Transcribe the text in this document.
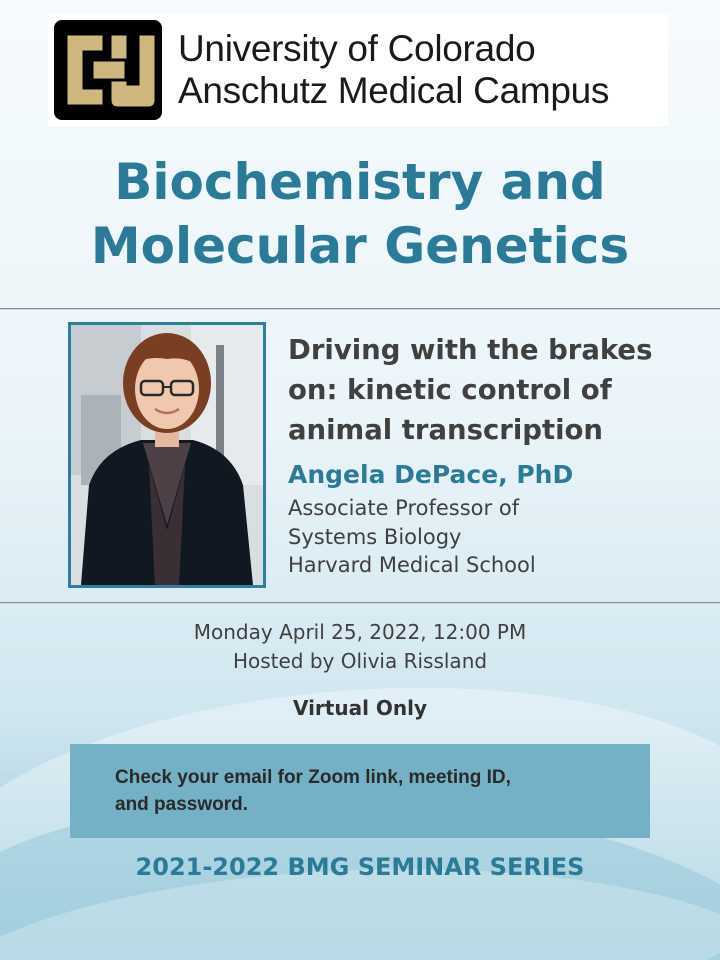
University of Colorado
Anschutz Medical Campus
Biochemistry and
Molecular Genetics
Driving with the brakes
on: kinetic control of
animal transcription
Angela DePace, PhD
Associate Professor of
Systems Biology
Harvard Medical School
Monday April 25, 2022, 12:00 PM
Hosted by Olivia Rissland
Virtual Only
Check your email for Zoom link, meeting ID,
and password.
2021-2022 BMG SEMINAR SERIES
